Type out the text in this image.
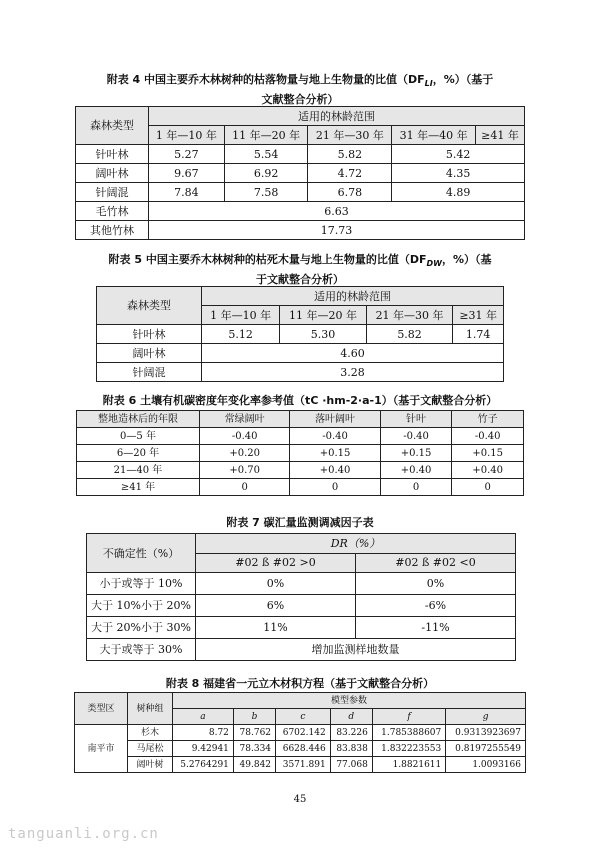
附表 4 中国主要乔木林树种的枯落物量与地上生物量的比值（$DF_{LI}$，%）（基于
文献整合分析）
森林类型	适用的林龄范围				
	1 年—10 年	11 年—20 年	21 年—30 年	31 年—40 年	≥41 年
针叶林	5.27	5.54	5.82	5.42	
阔叶林	9.67	6.92	4.72	4.35	
针阔混	7.84	7.58	6.78	4.89	
毛竹林	6.63				
其他竹林	17.73				
附表 5 中国主要乔木林树种的枯死木量与地上生物量的比值（$DF_{DW}$，%）（基
于文献整合分析）
森林类型	适用的林龄范围			
	1 年—10 年	11 年—20 年	21 年—30 年	≥31 年
针叶林	5.12	5.30	5.82	1.74
阔叶林	4.60			
针阔混	3.28			
附表 6 土壤有机碳密度年变化率参考值（tC ·hm-2·a-1）（基于文献整合分析）
整地造林后的年限	常绿阔叶	落叶阔叶	针叶	竹子
0—5 年	-0.40	-0.40	-0.40	-0.40
6—20 年	+0.20	+0.15	+0.15	+0.15
21—40 年	+0.70	+0.40	+0.40	+0.40
≥41 年	0	0	0	0
附表 7 碳汇量监测调减因子表
不确定性（%）	DR（%）	
	#02 ß #02 >0	#02 ß #02 <0
小于或等于 10%	0%	0%
大于 10%小于 20%	6%	-6%
大于 20%小于 30%	11%	-11%
大于或等于 30%	增加监测样地数量	
附表 8 福建省一元立木材积方程（基于文献整合分析）
类型区	树种组	模型参数					
		a	b	c	d	f	g
南平市	杉木	8.72	78.762	6702.142	83.226	1.785388607	0.9313923697
	马尾松	9.42941	78.334	6628.446	83.838	1.832223553	0.8197255549
	阔叶树	5.2764291	49.842	3571.891	77.068	1.8821611	1.0093166
45
tanguanli.org.cn
